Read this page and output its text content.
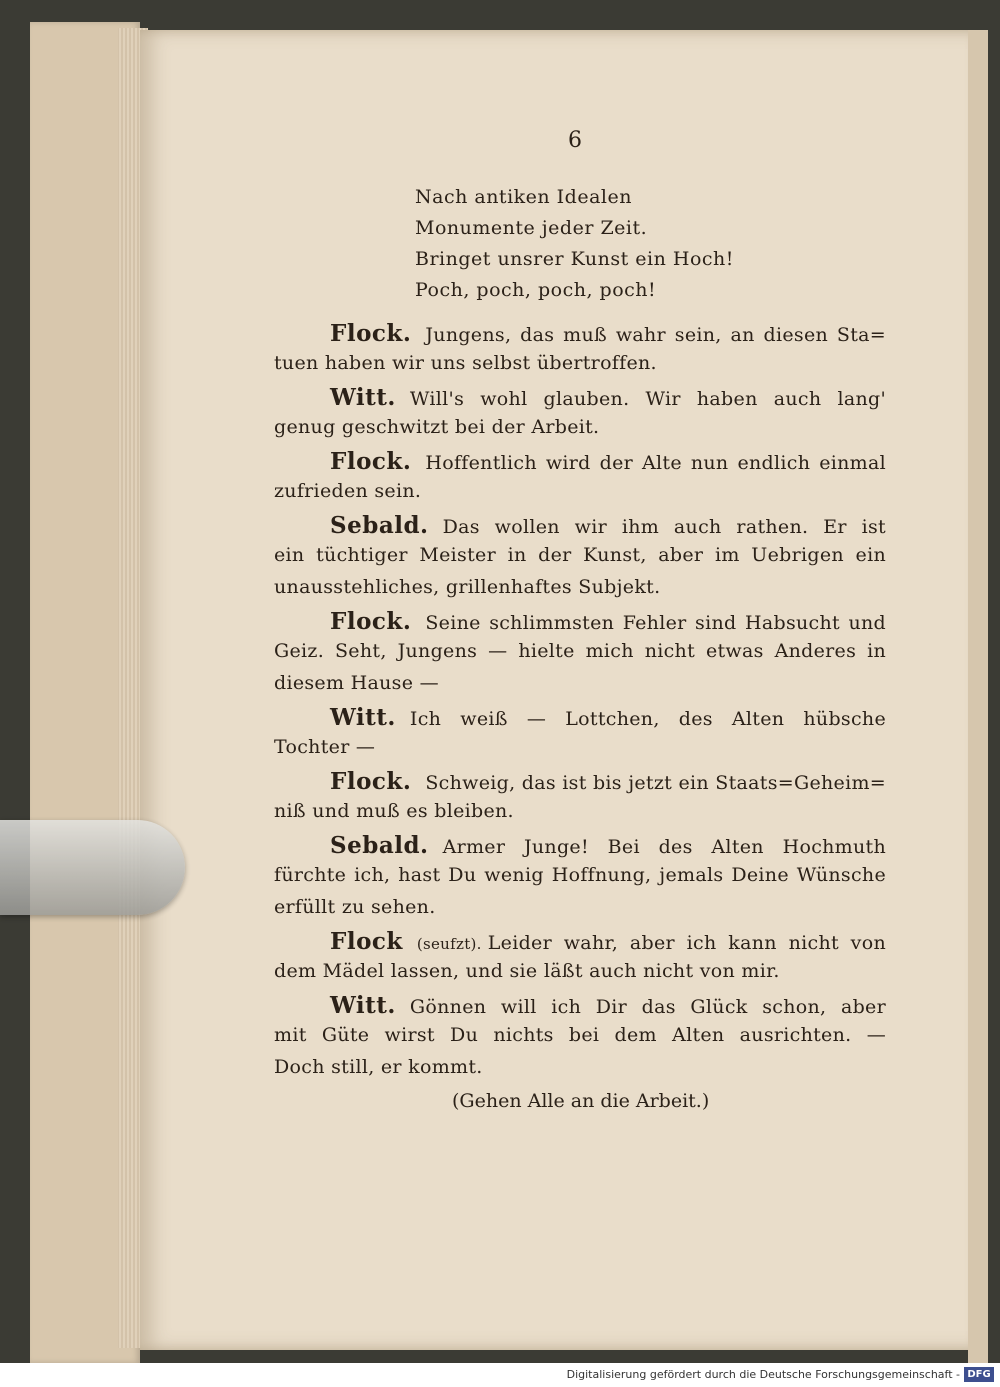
6
Nach antiken Idealen
Monumente jeder Zeit.
Bringet unsrer Kunst ein Hoch!
Poch, poch, poch, poch!
Flock. Jungens, das muß wahr sein, an diesen Sta=
tuen haben wir uns selbst übertroffen.
Witt. Will's wohl glauben. Wir haben auch lang'
genug geschwitzt bei der Arbeit.
Flock. Hoffentlich wird der Alte nun endlich einmal
zufrieden sein.
Sebald. Das wollen wir ihm auch rathen. Er ist
ein tüchtiger Meister in der Kunst, aber im Uebrigen ein
unausstehliches, grillenhaftes Subjekt.
Flock. Seine schlimmsten Fehler sind Habsucht und
Geiz. Seht, Jungens — hielte mich nicht etwas Anderes in
diesem Hause —
Witt. Ich weiß — Lottchen, des Alten hübsche
Tochter —
Flock. Schweig, das ist bis jetzt ein Staats=Geheim=
niß und muß es bleiben.
Sebald. Armer Junge! Bei des Alten Hochmuth
fürchte ich, hast Du wenig Hoffnung, jemals Deine Wünsche
erfüllt zu sehen.
Flock (seufzt). Leider wahr, aber ich kann nicht von
dem Mädel lassen, und sie läßt auch nicht von mir.
Witt. Gönnen will ich Dir das Glück schon, aber
mit Güte wirst Du nichts bei dem Alten ausrichten. —
Doch still, er kommt.
(Gehen Alle an die Arbeit.)
Digitalisierung gefördert durch die Deutsche Forschungsgemeinschaft - DFG
